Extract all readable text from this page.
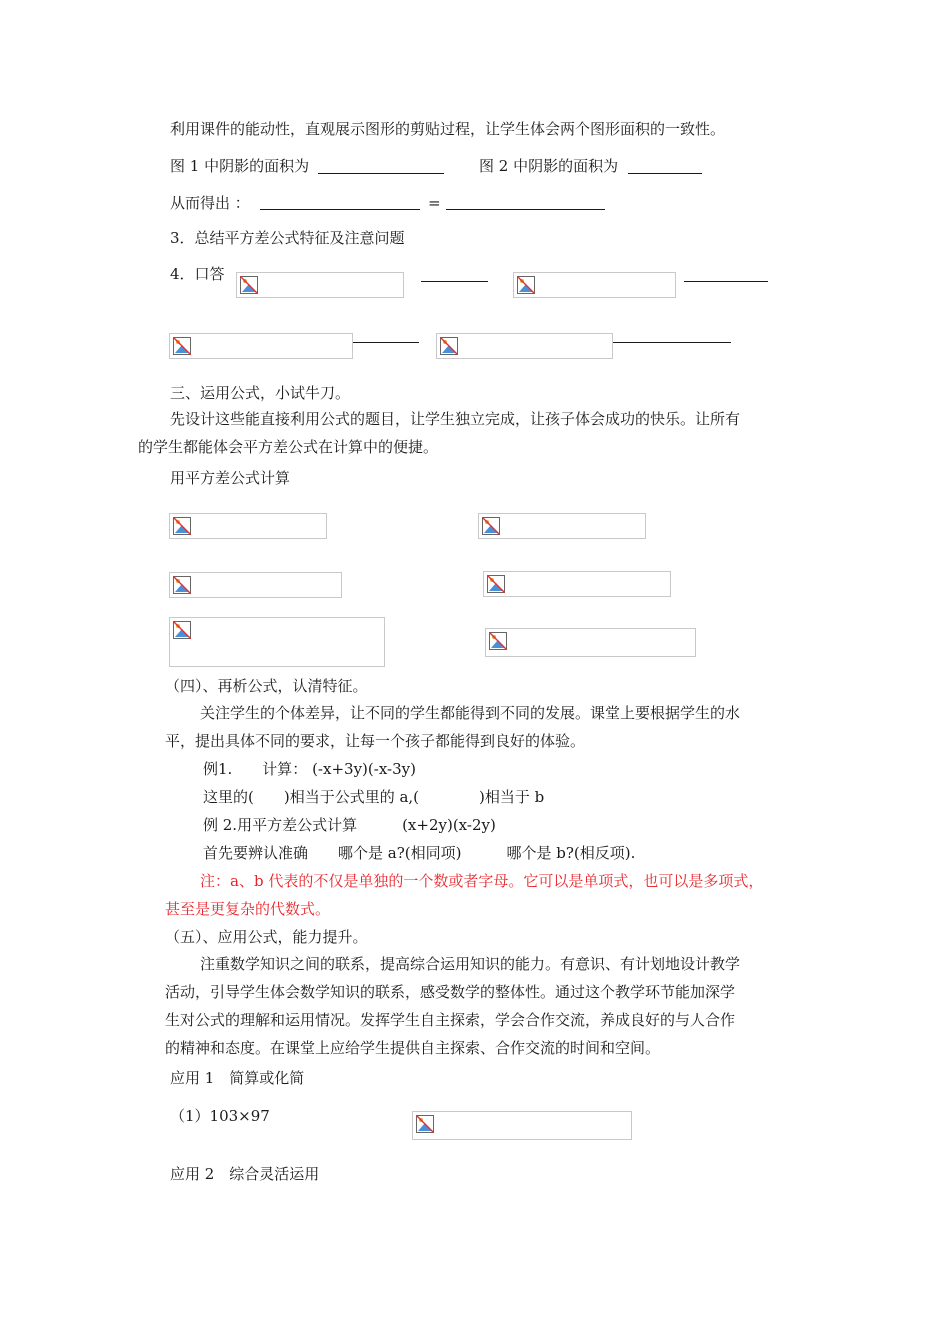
利用课件的能动性，直观展示图形的剪贴过程，让学生体会两个图形面积的一致性。
图 1 中阴影的面积为	图 2 中阴影的面积为
从而得出 ：	=
3．总结平方差公式特征及注意问题
4．口答
三、运用公式，小试牛刀。
先设计这些能直接利用公式的题目，让学生独立完成，让孩子体会成功的快乐。让所有
的学生都能体会平方差公式在计算中的便捷。
用平方差公式计算
（四）、再析公式，认清特征。
关注学生的个体差异，让不同的学生都能得到不同的发展。课堂上要根据学生的水
平，提出具体不同的要求，让每一个孩子都能得到良好的体验。
例1.　　计算： (-x+3y)(-x-3y)
这里的(　　)相当于公式里的 a,(　　　　)相当于 b
例 2.用平方差公式计算　　　(x+2y)(x-2y)
首先要辨认准确　　哪个是 a?(相同项)　　　哪个是 b?(相反项).
注：a、b 代表的不仅是单独的一个数或者字母。它可以是单项式，也可以是多项式，
甚至是更复杂的代数式。
（五）、应用公式，能力提升。
注重数学知识之间的联系，提高综合运用知识的能力。有意识、有计划地设计教学
活动，引导学生体会数学知识的联系，感受数学的整体性。通过这个教学环节能加深学
生对公式的理解和运用情况。发挥学生自主探索，学会合作交流，养成良好的与人合作
的精神和态度。在课堂上应给学生提供自主探索、合作交流的时间和空间。
应用 1　简算或化简
（1）103×97
应用 2　综合灵活运用
